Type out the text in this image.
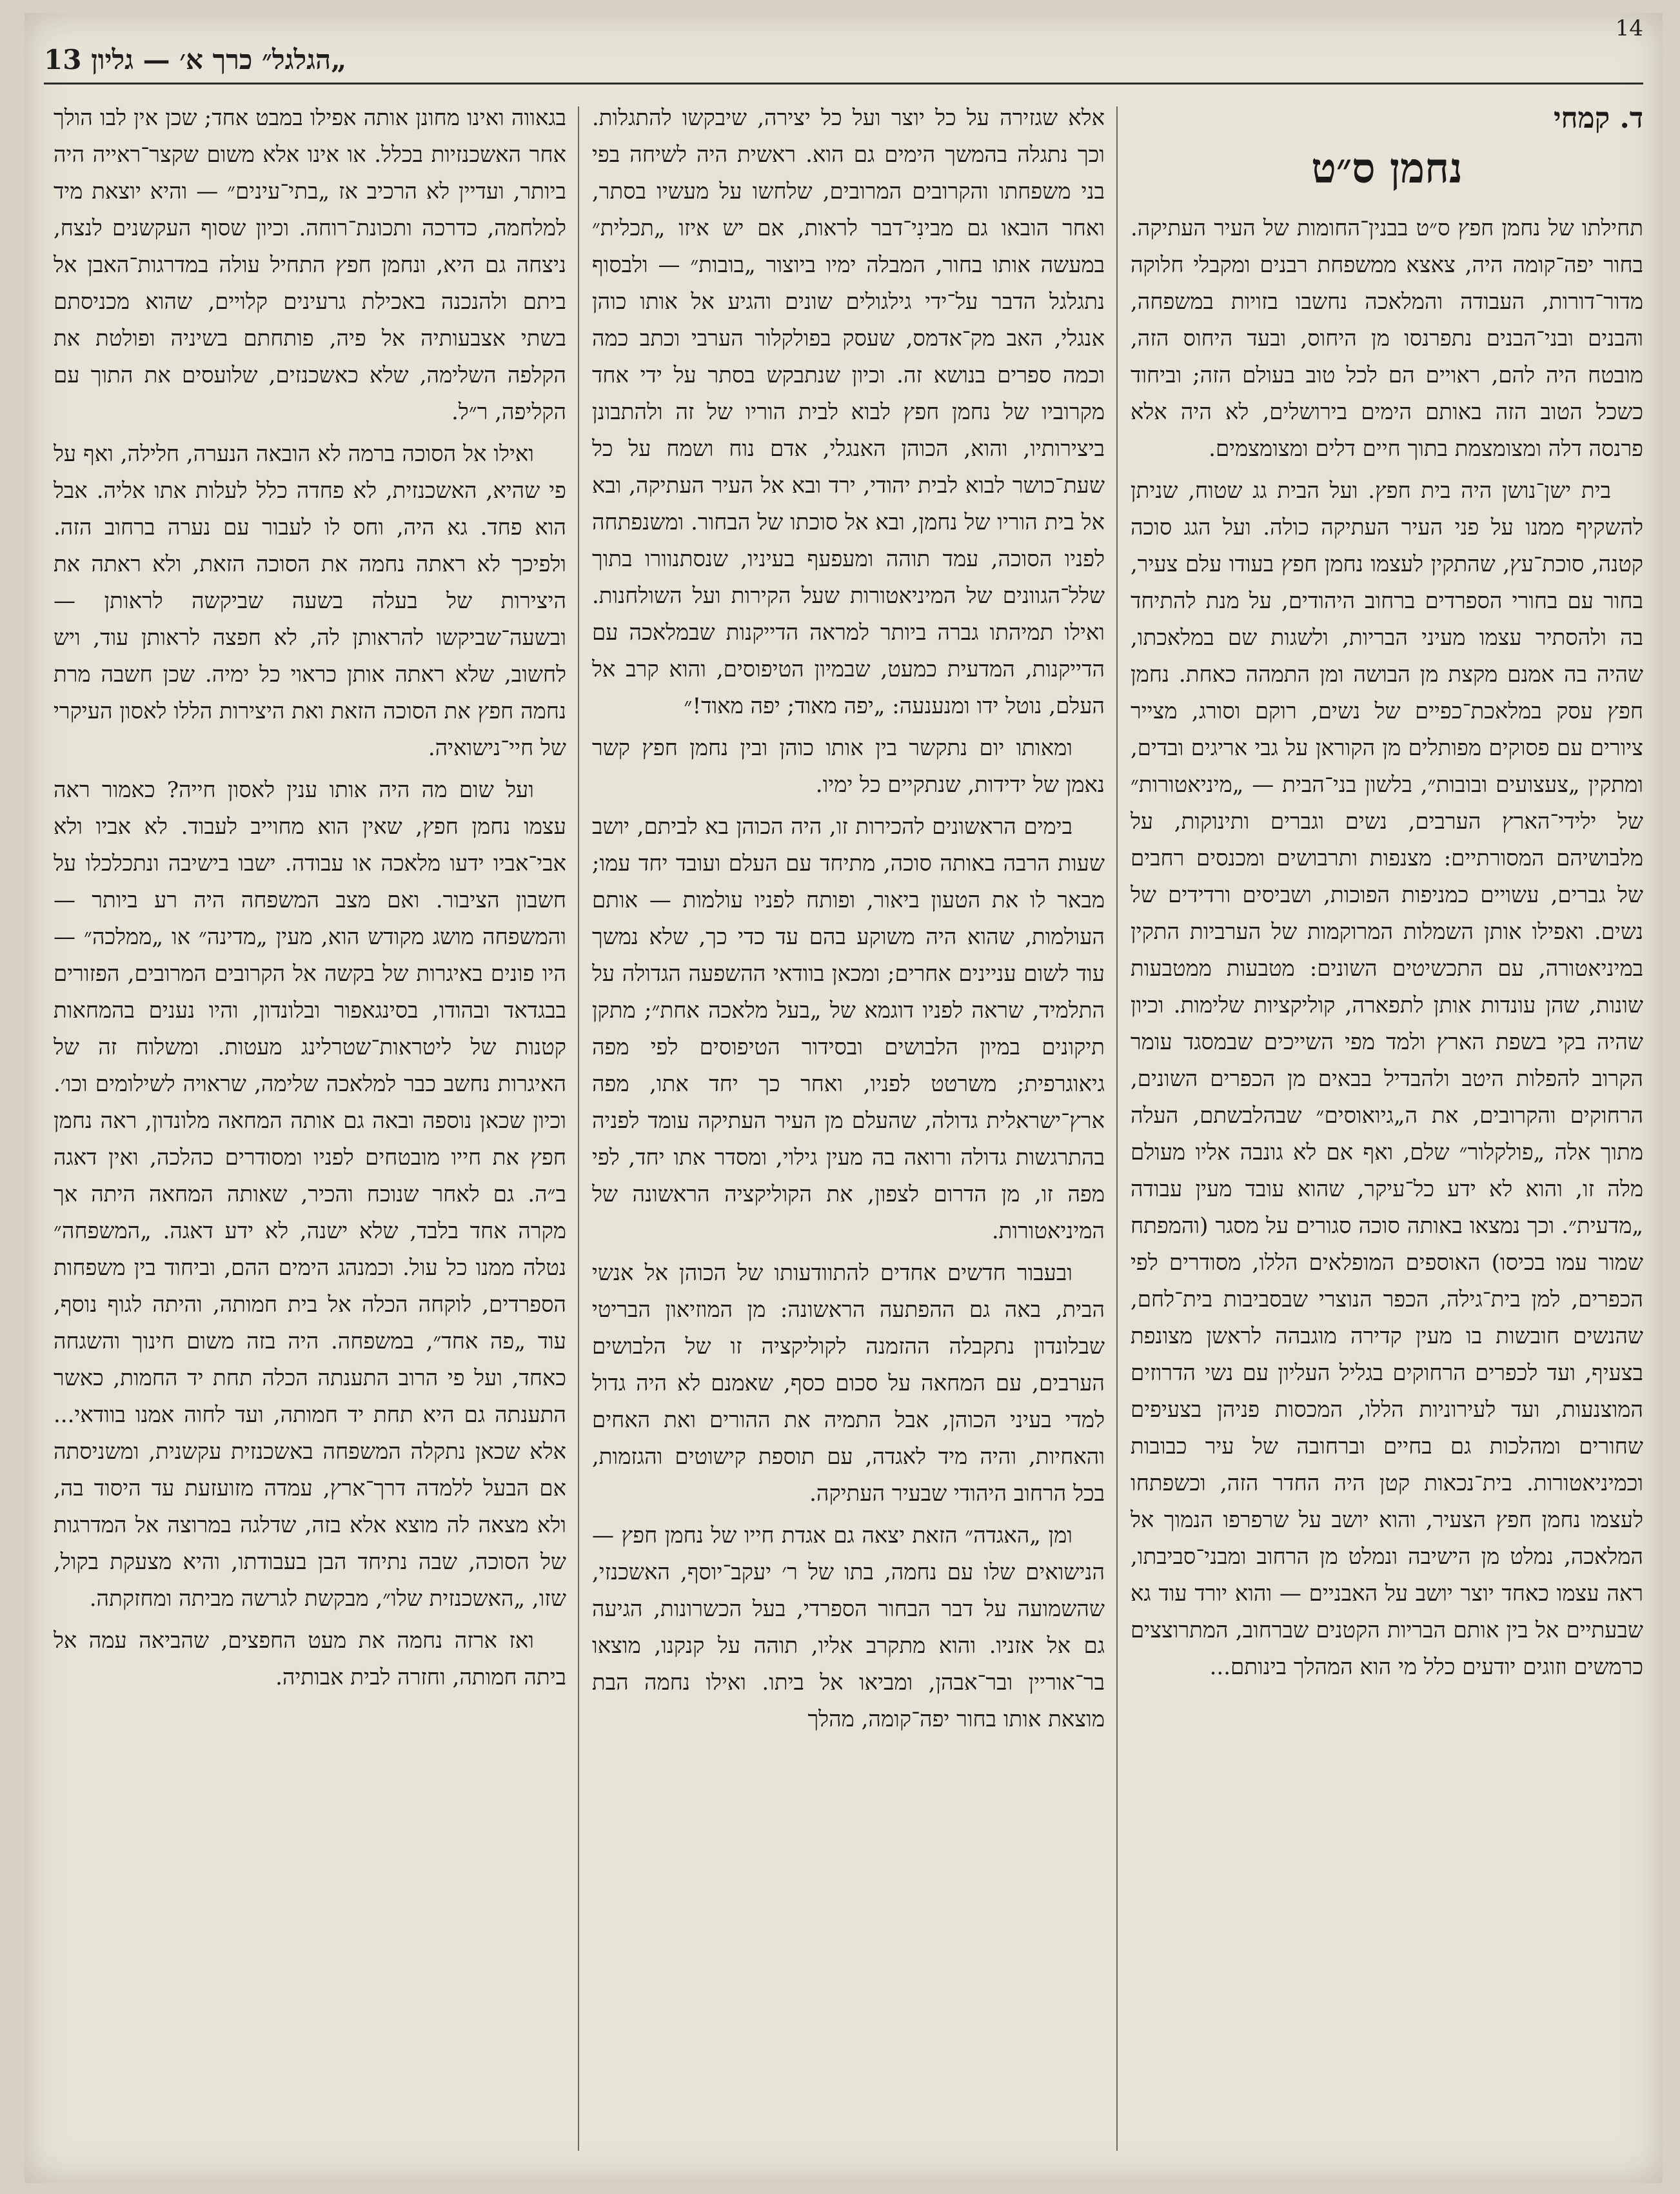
14
„הגלגל״ כרך א׳ — גליון 13
ד. קמחי
נחמן ס״ט

תחילתו של נחמן חפץ ס״ט בבנין־החומות של העיר העתיקה. בחור יפה־קומה היה, צאצא ממשפחת רבנים ומקבלי חלוקה מדור־דורות, העבודה והמלאכה נחשבו בזויות במשפחה, והבנים ובני־הבנים נתפרנסו מן היחוס, ובעד היחוס הזה, מובטח היה להם, ראויים הם לכל טוב בעולם הזה; וביחוד כשכל הטוב הזה באותם הימים בירושלים, לא היה אלא פרנסה דלה ומצומצמת בתוך חיים דלים ומצומצמים.

בית ישן־נושן היה בית חפץ. ועל הבית גג שטוח, שניתן להשקיף ממנו על פני העיר העתיקה כולה. ועל הגג סוכה קטנה, סוכת־עץ, שהתקין לעצמו נחמן חפץ בעודו עלם צעיר, בחור עם בחורי הספרדים ברחוב היהודים, על מנת להתיחד בה ולהסתיר עצמו מעיני הבריות, ולשגות שם במלאכתו, שהיה בה אמנם מקצת מן הבושה ומן התמהה כאחת. נחמן חפץ עסק במלאכת־כפיים של נשים, רוקם וסורג, מצייר ציורים עם פסוקים מפותלים מן הקוראן על גבי אריגים ובדים, ומתקין „צעצועים ובובות״, בלשון בני־הבית — „מיניאטורות״ של ילידי־הארץ הערבים, נשים וגברים ותינוקות, על מלבושיהם המסורתיים: מצנפות ותרבושים ומכנסים רחבים של גברים, עשויים כמניפות הפוכות, ושביסים ורדידים של נשים. ואפילו אותן השמלות המרוקמות של הערביות התקין במיניאטורה, עם התכשיטים השונים: מטבעות ממטבעות שונות, שהן עונדות אותן לתפארה, קוליקציות שלימות. וכיון שהיה בקי בשפת הארץ ולמד מפי השייכים שבמסגד עומר הקרוב להפלות היטב ולהבדיל בבאים מן הכפרים השונים, הרחוקים והקרובים, את ה„גיואוסים״ שבהלבשתם, העלה מתוך אלה „פולקלור״ שלם, ואף אם לא גונבה אליו מעולם מלה זו, והוא לא ידע כל־עיקר, שהוא עובד מעין עבודה „מדעית״. וכך נמצאו באותה סוכה סגורים על מסגר (והמפתח שמור עמו בכיסו) האוספים המופלאים הללו, מסודרים לפי הכפרים, למן בית־גילה, הכפר הנוצרי שבסביבות בית־לחם, שהנשים חובשות בו מעין קדירה מוגבהה לראשן מצונפת בצעיף, ועד לכפרים הרחוקים בגליל העליון עם נשי הדרוזים המוצנעות, ועד לעירוניות הללו, המכסות פניהן בצעיפים שחורים ומהלכות גם בחיים וברחובה של עיר כבובות וכמיניאטורות. בית־נכאות קטן היה החדר הזה, וכשפתחו לעצמו נחמן חפץ הצעיר, והוא יושב על שרפרפו הנמוך אל המלאכה, נמלט מן הישיבה ונמלט מן הרחוב ומבני־סביבתו, ראה עצמו כאחד יוצר יושב על האבניים — והוא יורד עוד גא שבעתיים אל בין אותם הבריות הקטנים שברחוב, המתרוצצים כרמשים וזוגים יודעים כלל מי הוא המהלך בינותם...

אלא שגזירה על כל יוצר ועל כל יצירה, שיבקשו להתגלות. וכך נתגלה בהמשך הימים גם הוא. ראשית היה לשיחה בפי בני משפחתו והקרובים המרובים, שלחשו על מעשיו בסתר, ואחר הובאו גם מבינִי־דבר לראות, אם יש איזו „תכלית״ במעשה אותו בחור, המבלה ימיו ביוצור „בובות״ — ולבסוף נתגלגל הדבר על־ידי גילגולים שונים והגיע אל אותו כוהן אנגלי, האב מק־אדמס, שעסק בפולקלור הערבי וכתב כמה וכמה ספרים בנושא זה. וכיון שנתבקש בסתר על ידי אחד מקרוביו של נחמן חפץ לבוא לבית הוריו של זה ולהתבונן ביצירותיו, והוא, הכוהן האנגלי, אדם נוח ושמח על כל שעת־כושר לבוא לבית יהודי, ירד ובא אל העיר העתיקה, ובא אל בית הוריו של נחמן, ובא אל סוכתו של הבחור. ומשנפתחה לפניו הסוכה, עמד תוהה ומעפעף בעיניו, שנסתנוורו בתוך שלל־הגוונים של המיניאטורות שעל הקירות ועל השולחנות. ואילו תמיהתו גברה ביותר למראה הדייקנות שבמלאכה עם הדייקנות, המדעית כמעט, שבמיון הטיפוסים, והוא קרב אל העלם, נוטל ידו ומנענעה: „יפה מאוד; יפה מאוד!״

ומאותו יום נתקשר בין אותו כוהן ובין נחמן חפץ קשר נאמן של ידידות, שנתקיים כל ימיו.

בימים הראשונים להכירות זו, היה הכוהן בא לביתם, יושב שעות הרבה באותה סוכה, מתיחד עם העלם ועובד יחד עמו; מבאר לו את הטעון ביאור, ופותח לפניו עולמות — אותם העולמות, שהוא היה משוקע בהם עד כדי כך, שלא נמשך עוד לשום עניינים אחרים; ומכאן בוודאי ההשפעה הגדולה על התלמיד, שראה לפניו דוגמא של „בעל מלאכה אחת״; מתקן תיקונים במיון הלבושים ובסידור הטיפוסים לפי מפה גיאוגרפית; משרטט לפניו, ואחר כך יחד אתו, מפה ארץ־ישראלית גדולה, שהעלם מן העיר העתיקה עומד לפניה בהתרגשות גדולה ורואה בה מעין גילוי, ומסדר אתו יחד, לפי מפה זו, מן הדרום לצפון, את הקוליקציה הראשונה של המיניאטורות.

ובעבור חדשים אחדים להתוודעותו של הכוהן אל אנשי הבית, באה גם ההפתעה הראשונה: מן המוזיאון הבריטי שבלונדון נתקבלה ההזמנה לקוליקציה זו של הלבושים הערבים, עם המחאה על סכום כסף, שאמנם לא היה גדול למדי בעיני הכוהן, אבל התמיה את ההורים ואת האחים והאחיות, והיה מיד לאגדה, עם תוספת קישוטים והגזמות, בכל הרחוב היהודי שבעיר העתיקה.

ומן „האגדה״ הזאת יצאה גם אגדת חייו של נחמן חפץ — הנישואים שלו עם נחמה, בתו של ר׳ יעקב־יוסף, האשכנזי, שהשמועה על דבר הבחור הספרדי, בעל הכשרונות, הגיעה גם אל אזניו. והוא מתקרב אליו, תוהה על קנקנו, מוצאו בר־אוריין ובר־אבהן, ומביאו אל ביתו. ואילו נחמה הבת מוצאת אותו בחור יפה־קומה, מהלך

בגאווה ואינו מחונן אותה אפילו במבט אחד; שכן אין לבו הולך אחר האשכנזיות בכלל. או אינו אלא משום שקצר־ראייה היה ביותר, ועדיין לא הרכיב אז „בתי־עינים״ — והיא יוצאת מיד למלחמה, כדרכה ותכונת־רוחה. וכיון שסוף העקשנים לנצח, ניצחה גם היא, ונחמן חפץ התחיל עולה במדרגות־האבן אל ביתם ולהנכנה באכילת גרעינים קלויים, שהוא מכניסתם בשתי אצבעותיה אל פיה, פותחתם בשיניה ופולטת את הקלפה השלימה, שלא כאשכנזים, שלועסים את התוך עם הקליפה, ר״ל.

ואילו אל הסוכה ברמה לא הובאה הנערה, חלילה, ואף על פי שהיא, האשכנזית, לא פחדה כלל לעלות אתו אליה. אבל הוא פחד. גא היה, וחס לו לעבור עם נערה ברחוב הזה. ולפיכך לא ראתה נחמה את הסוכה הזאת, ולא ראתה את היצירות של בעלה בשעה שביקשה לראותן — ובשעה־שביקשו להראותן לה, לא חפצה לראותן עוד, ויש לחשוב, שלא ראתה אותן כראוי כל ימיה. שכן חשבה מרת נחמה חפץ את הסוכה הזאת ואת היצירות הללו לאסון העיקרי של חיי־נישואיה.

ועל שום מה היה אותו ענין לאסון חייה? כאמור ראה עצמו נחמן חפץ, שאין הוא מחוייב לעבוד. לא אביו ולא אבי־אביו ידעו מלאכה או עבודה. ישבו בישיבה ונתכלכלו על חשבון הציבור. ואם מצב המשפחה היה רע ביותר — והמשפחה מושג מקודש הוא, מעין „מדינה״ או „ממלכה״ — היו פונים באיגרות של בקשה אל הקרובים המרובים, הפזורים בבגדאד ובהודו, בסינגאפור ובלונדון, והיו נענים בהמחאות קטנות של ליטראות־שטרלינג מעטות. ומשלוח זה של האיגרות נחשב כבר למלאכה שלימה, שראויה לשילומים וכו׳. וכיון שכאן נוספה ובאה גם אותה המחאה מלונדון, ראה נחמן חפץ את חייו מובטחים לפניו ומסודרים כהלכה, ואין דאגה ב״ה. גם לאחר שנוכח והכיר, שאותה המחאה היתה אך מקרה אחד בלבד, שלא ישנה, לא ידע דאגה. „המשפחה״ נטלה ממנו כל עול. וכמנהג הימים ההם, וביחוד בין משפחות הספרדים, לוקחה הכלה אל בית חמותה, והיתה לגוף נוסף, עוד „פה אחד״, במשפחה. היה בזה משום חינוך והשגחה כאחד, ועל פי הרוב התענתה הכלה תחת יד החמות, כאשר התענתה גם היא תחת יד חמותה, ועד לחוה אמנו בוודאי... אלא שכאן נתקלה המשפחה באשכנזית עקשנית, ומשניסתה אם הבעל ללמדה דרך־ארץ, עמדה מזועזעת עד היסוד בה, ולא מצאה לה מוצא אלא בזה, שדלגה במרוצה אל המדרגות של הסוכה, שבה נתיחד הבן בעבודתו, והיא מצעקת בקול, שזו, „האשכנזית שלו״, מבקשת לגרשה מביתה ומחזקתה.

ואז ארזה נחמה את מעט החפצים, שהביאה עמה אל ביתה חמותה, וחזרה לבית אבותיה.
